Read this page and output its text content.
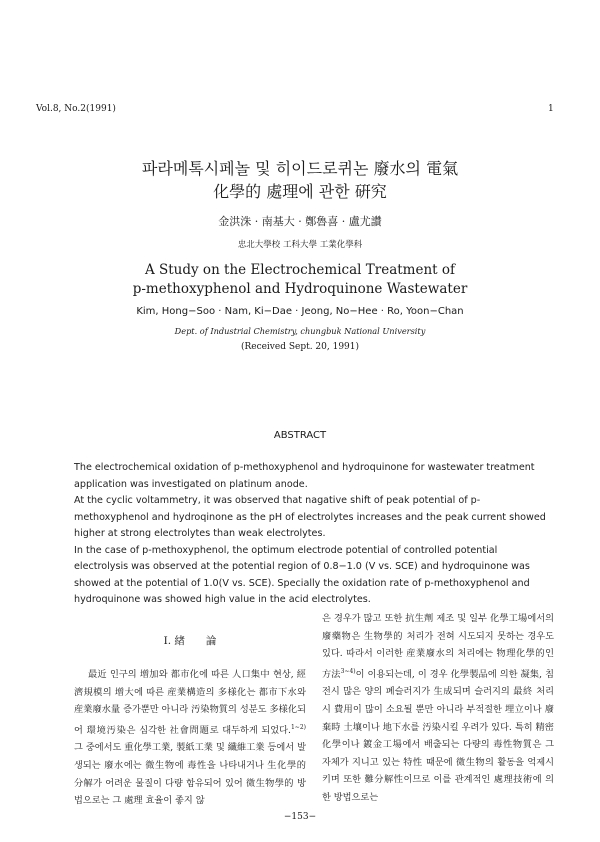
Vol.8, No.2(1991)	1
파라메톡시페놀 및 히이드로퀴논 廢水의 電氣
化學的 處理에 관한 硏究
金洪洙 · 南基大 · 鄭魯喜 · 盧尤讚
忠北大學校 工科大學 工業化學科
A Study on the Electrochemical Treatment of
p-methoxyphenol and Hydroquinone Wastewater
Kim, Hong−Soo · Nam, Ki−Dae · Jeong, No−Hee · Ro, Yoon−Chan
Dept. of Industrial Chemistry, chungbuk National University
(Received Sept. 20, 1991)
ABSTRACT

The electrochemical oxidation of p-methoxyphenol and hydroquinone for wastewater treatment application was investigated on platinum anode.

At the cyclic voltammetry, it was observed that nagative shift of peak potential of p-methoxyphenol and hydroqinone as the pH of electrolytes increases and the peak current showed higher at strong electrolytes than weak electrolytes.

In the case of p-methoxyphenol, the optimum electrode potential of controlled potential electrolysis was observed at the potential region of 0.8−1.0 (V vs. SCE) and hydroquinone was showed at the potential of 1.0(V vs. SCE). Specially the oxidation rate of p-methoxyphenol and hydroquinone was showed high value in the acid electrolytes.

Ⅰ. 緖　　論

最近 인구의 增加와 都市化에 따른 人口集中 현상, 經濟規模의 增大에 따른 産業構造의 多様化는 都市下水와 産業廢水量 증가뿐만 아니라 汚染物質의 성분도 多様化되어 環境汚染은 심각한 社會問題로 대두하게 되었다.$^{1\sim 2)}$ 그 중에서도 重化學工業, 製紙工業 및 纖維工業 등에서 발생되는 廢水에는 微生物에 毒性을 나타내거나 生化學的 分解가 어려운 물질이 다량 함유되어 있어 微生物學的 방법으로는 그 處理 효율이 좋지 않

은 경우가 많고 또한 抗生劑 제조 및 일부 化學工場에서의 廢藥物은 生物學的 처리가 전혀 시도되지 못하는 경우도 있다. 따라서 이러한 産業廢水의 처리에는 物理化學的인 方法$^{3\sim 4)}$이 이용되는데, 이 경우 化學製品에 의한 凝集, 침전시 많은 양의 폐슬러지가 生成되며 슬러지의 最終 처리시 費用이 많이 소요될 뿐만 아니라 부적절한 埋立이나 廢棄時 土壤이나 地下水를 汚染시킬 우려가 있다. 특히 精密化學이나 鍍金工場에서 배출되는 다량의 毒性物質은 그 자체가 지니고 있는 特性 때문에 微生物의 활동을 억제시키며 또한 難分解性이므로 이를 관계적인 處理技術에 의한 방법으로는

−153−
